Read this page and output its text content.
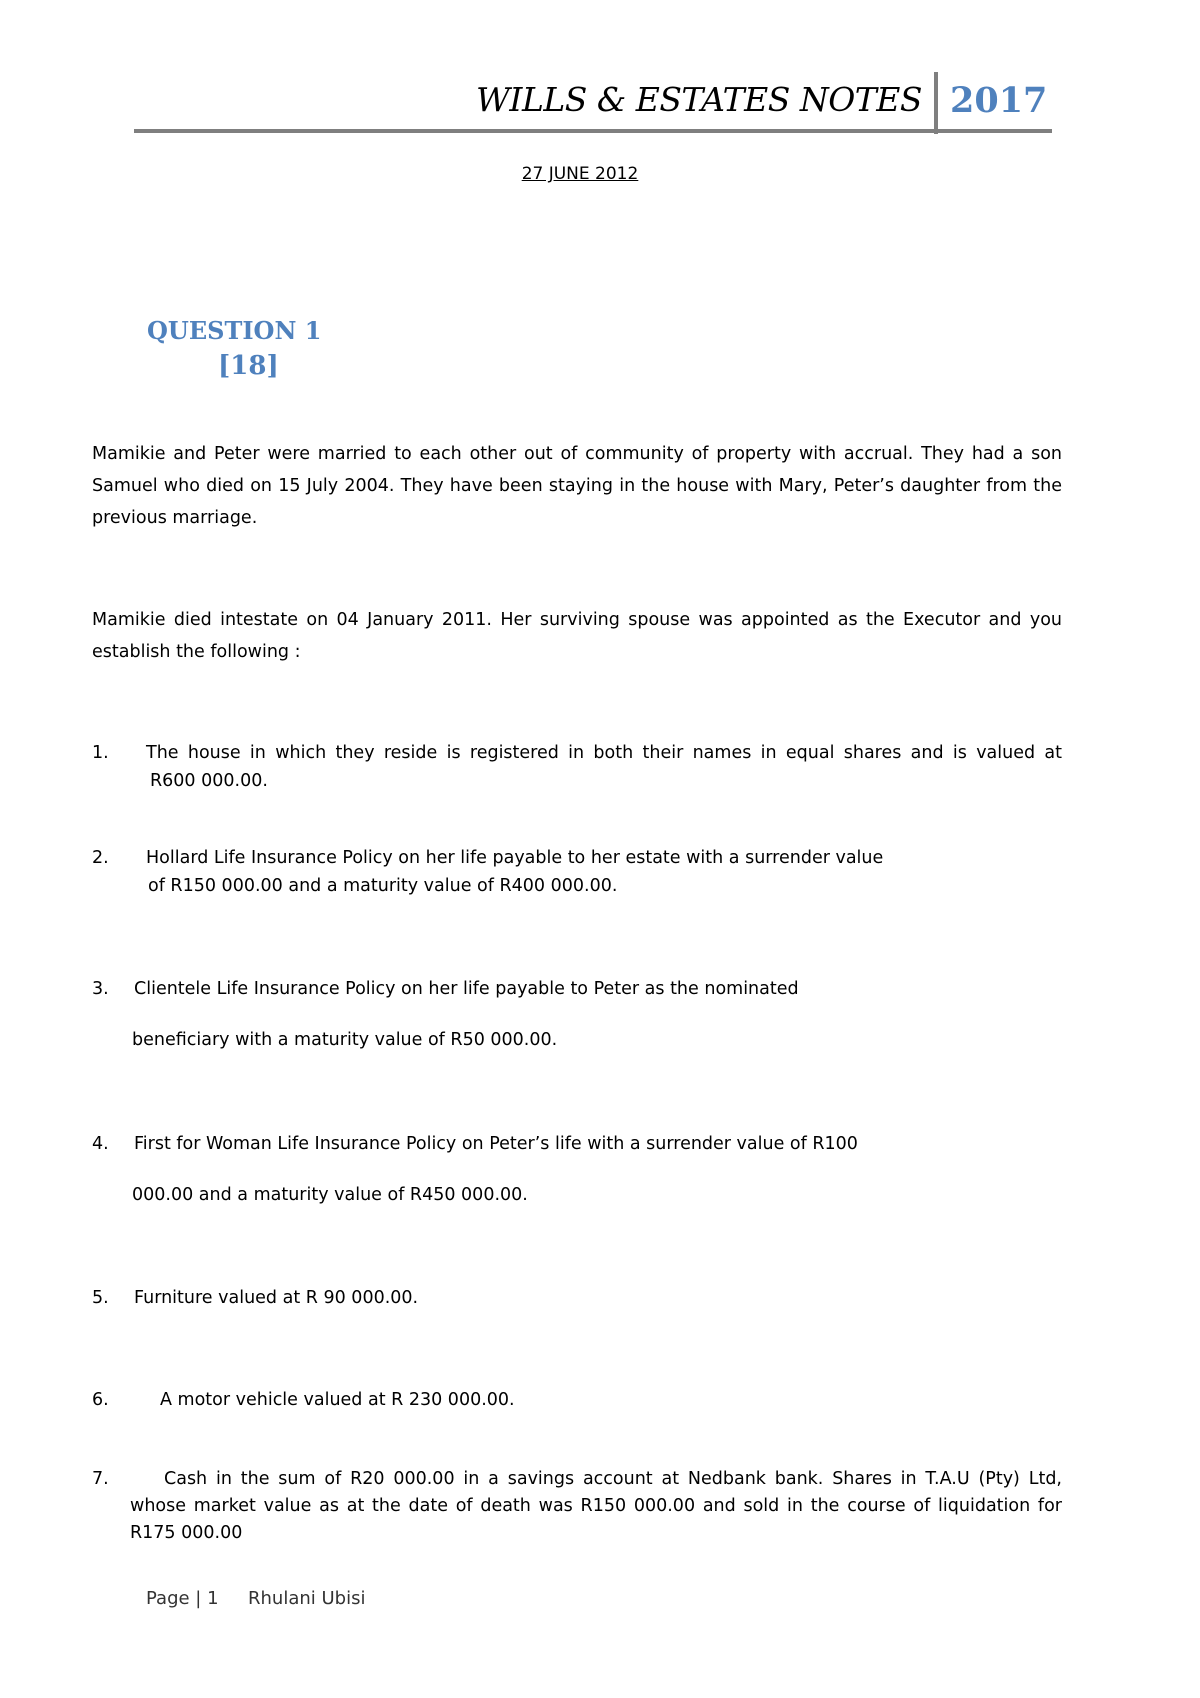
WILLS & ESTATES NOTES 2017
27 JUNE 2012
QUESTION 1
[18]
Mamikie and Peter were married to each other out of community of property with accrual. They had a son Samuel who died on 15 July 2004. They have been staying in the house with Mary, Peter’s daughter from the previous marriage.
Mamikie died intestate on 04 January 2011. Her surviving spouse was appointed as the Executor and you establish the following :
1. The house in which they reside is registered in both their names in equal shares and is valued at
R600 000.00.
2. Hollard Life Insurance Policy on her life payable to her estate with a surrender value
of R150 000.00 and a maturity value of R400 000.00.
3. Clientele Life Insurance Policy on her life payable to Peter as the nominated
beneficiary with a maturity value of R50 000.00.
4. First for Woman Life Insurance Policy on Peter’s life with a surrender value of R100
000.00 and a maturity value of R450 000.00.
5. Furniture valued at R 90 000.00.
6.	A motor vehicle valued at R 230 000.00.
7.	Cash in the sum of R20 000.00 in a savings account at Nedbank bank. Shares in T.A.U (Pty) Ltd,
whose market value as at the date of death was R150 000.00 and sold in the course of liquidation for
R175 000.00
Page | 1 Rhulani Ubisi
